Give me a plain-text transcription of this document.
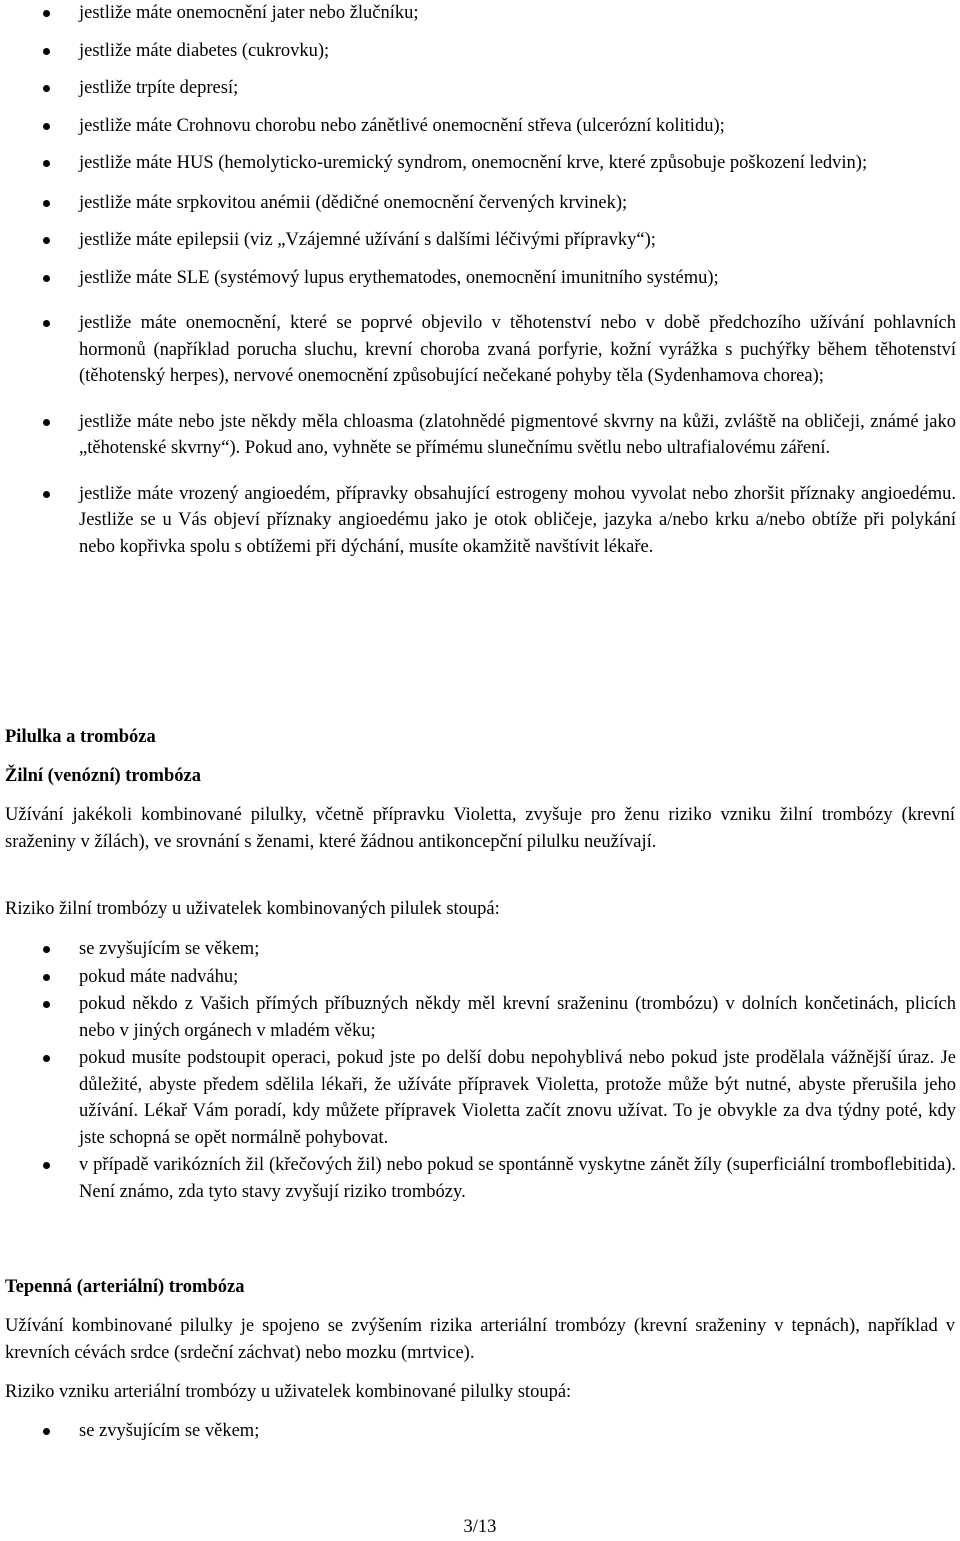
jestliže máte onemocnění jater nebo žlučníku;
jestliže máte diabetes (cukrovku);
jestliže trpíte depresí;
jestliže máte Crohnovu chorobu nebo zánětlivé onemocnění střeva (ulcerózní kolitidu);
jestliže máte HUS (hemolyticko-uremický syndrom, onemocnění krve, které způsobuje poškození ledvin);
jestliže máte srpkovitou anémii (dědičné onemocnění červených krvinek);
jestliže máte epilepsii (viz „Vzájemné užívání s dalšími léčivými přípravky“);
jestliže máte SLE (systémový lupus erythematodes, onemocnění imunitního systému);
jestliže máte onemocnění, které se poprvé objevilo v těhotenství nebo v době předchozího užívání pohlavních hormonů (například porucha sluchu, krevní choroba zvaná porfyrie, kožní vyrážka s puchýřky během těhotenství (těhotenský herpes), nervové onemocnění způsobující nečekané pohyby těla (Sydenhamova chorea);
jestliže máte nebo jste někdy měla chloasma (zlatohnědé pigmentové skvrny na kůži, zvláště na obličeji, známé jako „těhotenské skvrny“). Pokud ano, vyhněte se přímému slunečnímu světlu nebo ultrafialovému záření.
jestliže máte vrozený angioedém, přípravky obsahující estrogeny mohou vyvolat nebo zhoršit příznaky angioedému. Jestliže se u Vás objeví příznaky angioedému jako je otok obličeje, jazyka a/nebo krku a/nebo obtíže při polykání nebo kopřivka spolu s obtížemi při dýchání, musíte okamžitě navštívit lékaře.
Pilulka a trombóza
Žilní (venózní) trombóza
Užívání jakékoli kombinované pilulky, včetně přípravku Violetta, zvyšuje pro ženu riziko vzniku žilní trombózy (krevní sraženiny v žílách), ve srovnání s ženami, které žádnou antikoncepční pilulku neužívají.
Riziko žilní trombózy u uživatelek kombinovaných pilulek stoupá:
se zvyšujícím se věkem;
pokud máte nadváhu;
pokud někdo z Vašich přímých příbuzných někdy měl krevní sraženinu (trombózu) v dolních končetinách, plicích nebo v jiných orgánech v mladém věku;
pokud musíte podstoupit operaci, pokud jste po delší dobu nepohyblivá nebo pokud jste prodělala vážnější úraz. Je důležité, abyste předem sdělila lékaři, že užíváte přípravek Violetta, protože může být nutné, abyste přerušila jeho užívání. Lékař Vám poradí, kdy můžete přípravek Violetta začít znovu užívat. To je obvykle za dva týdny poté, kdy jste schopná se opět normálně pohybovat.
v případě varikózních žil (křečových žil) nebo pokud se spontánně vyskytne zánět žíly (superficiální tromboflebitida). Není známo, zda tyto stavy zvyšují riziko trombózy.
Tepenná (arteriální) trombóza
Užívání kombinované pilulky je spojeno se zvýšením rizika arteriální trombózy (krevní sraženiny v tepnách), například v krevních cévách srdce (srdeční záchvat) nebo mozku (mrtvice).
Riziko vzniku arteriální trombózy u uživatelek kombinované pilulky stoupá:
se zvyšujícím se věkem;
3/13
